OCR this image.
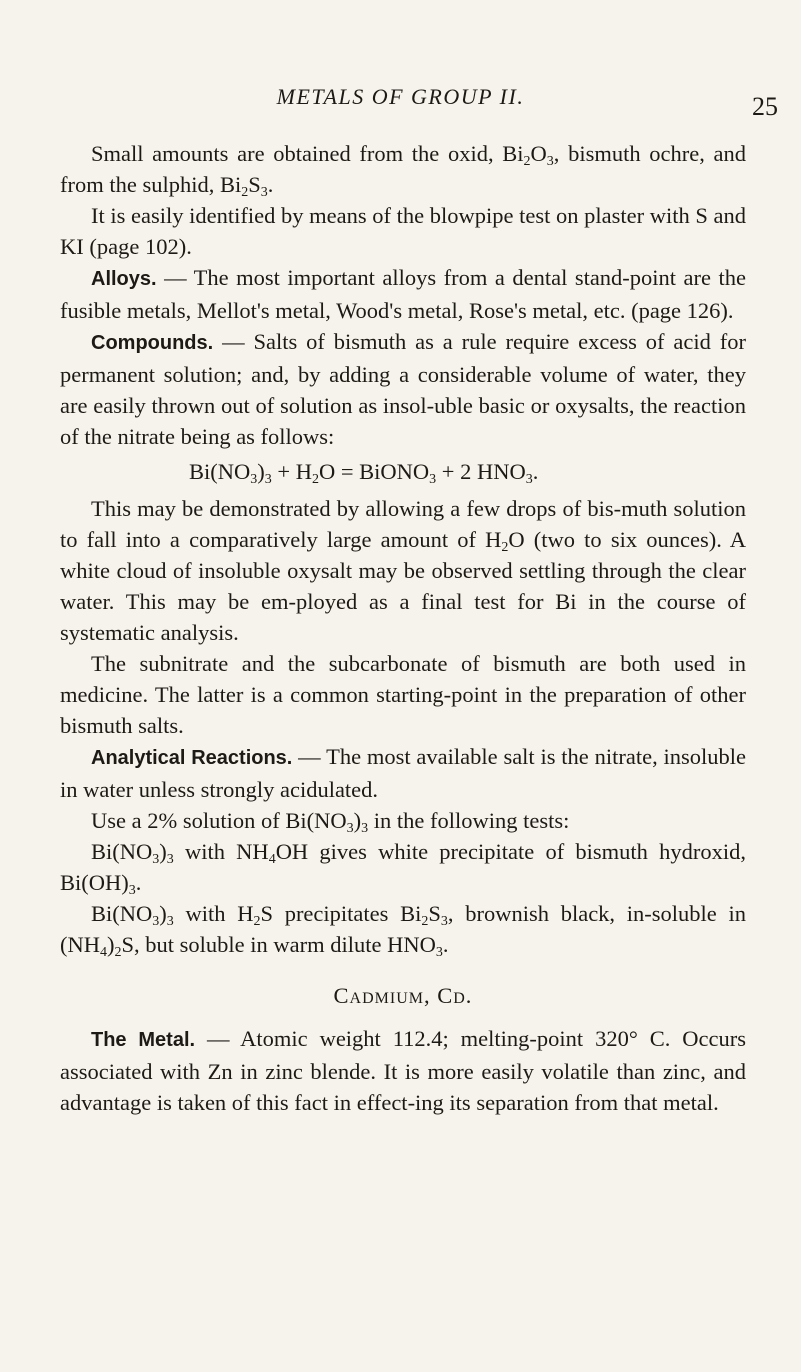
METALS OF GROUP II.	25

Small amounts are obtained from the oxid, $Bi_2O_3$, bismuth ochre, and from the sulphid, $Bi_2S_3$.

It is easily identified by means of the blowpipe test on plaster with S and KI (page 102).

Alloys. — The most important alloys from a dental stand-point are the fusible metals, Mellot's metal, Wood's metal, Rose's metal, etc. (page 126).

Compounds. — Salts of bismuth as a rule require excess of acid for permanent solution; and, by adding a considerable volume of water, they are easily thrown out of solution as insol-uble basic or oxysalts, the reaction of the nitrate being as follows:

$Bi(NO_3)_3 + H_2O$ = BiONO$_3$ + 2 $HNO_3$.

This may be demonstrated by allowing a few drops of bis-muth solution to fall into a comparatively large amount of $H_2O$ (two to six ounces). A white cloud of insoluble oxysalt may be observed settling through the clear water. This may be em-ployed as a final test for Bi in the course of systematic analysis.

The subnitrate and the subcarbonate of bismuth are both used in medicine. The latter is a common starting-point in the preparation of other bismuth salts.

Analytical Reactions. — The most available salt is the nitrate, insoluble in water unless strongly acidulated.

Use a 2% solution of $Bi(NO_3)_3$ in the following tests:

$Bi(NO_3)_3$ with $NH_4OH$ gives white precipitate of bismuth hydroxid, $Bi(OH)_3$.

$Bi(NO_3)_3$ with $H_2S$ precipitates $Bi_2S_3$, brownish black, in-soluble in $(NH_4)_2S$, but soluble in warm dilute $HNO_3$.

Cadmium, Cd.

The Metal. — Atomic weight 112.4; melting-point 320° C. Occurs associated with Zn in zinc blende. It is more easily volatile than zinc, and advantage is taken of this fact in effect-ing its separation from that metal.
